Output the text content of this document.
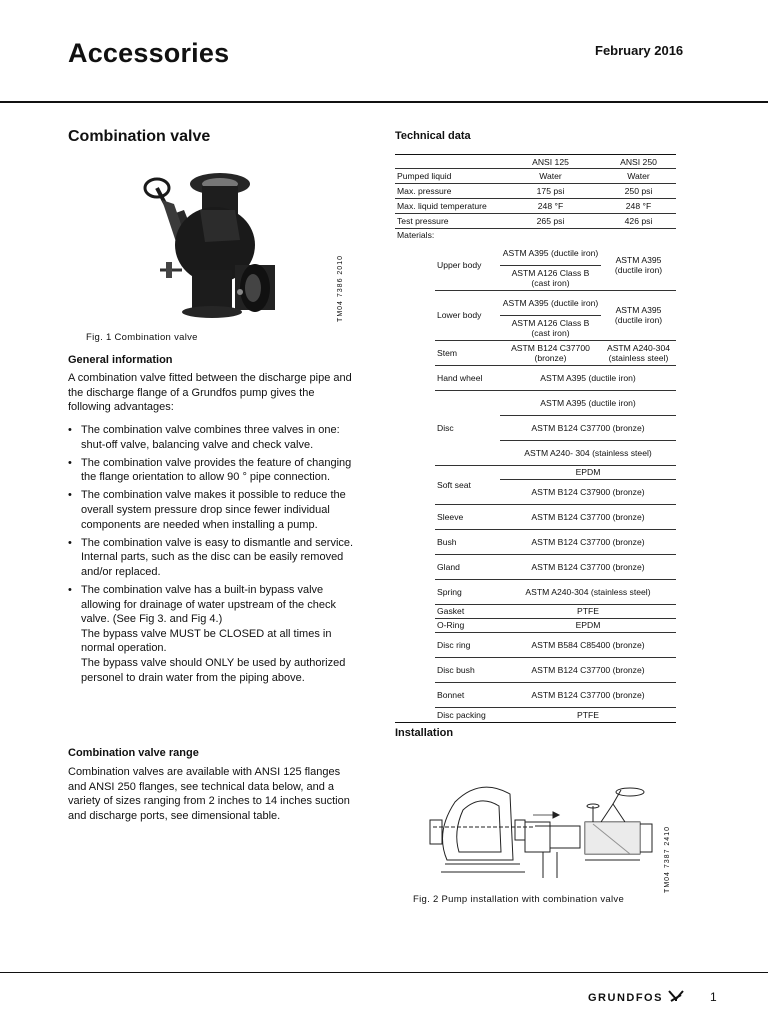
Accessories	February 2016
Combination valve
TM04 7386 2010
Fig. 1 Combination valve
General information
A combination valve fitted between the discharge pipe and the discharge flange of a Grundfos pump gives the following advantages:
• The combination valve combines three valves in one: shut-off valve, balancing valve and check valve.
• The combination valve provides the feature of changing the flange orientation to allow 90 ° pipe connection.
• The combination valve makes it possible to reduce the overall system pressure drop since fewer individual components are needed when installing a pump.
• The combination valve is easy to dismantle and service. Internal parts, such as the disc can be easily removed and/or replaced.
• The combination valve has a built-in bypass valve allowing for drainage of water upstream of the check valve. (See Fig 3. and Fig 4.)
The bypass valve MUST be CLOSED at all times in normal operation.
The bypass valve should ONLY be used by authorized personel to drain water from the piping above.
Combination valve range
Combination valves are available with ANSI 125 flanges and ANSI 250 flanges, see technical data below, and a variety of sizes ranging from 2 inches to 14 inches suction and discharge ports, see dimensional table.
Technical data
		ANSI 125	ANSI 250
Pumped liquid		Water	Water
Max. pressure		175 psi	250 psi
Max. liquid temperature		248 °F	248 °F
Test pressure		265 psi	426 psi
Materials:			
	Upper body	ASTM A395 (ductile iron)	ASTM A395 (ductile iron)
		ASTM A126 Class B (cast iron)	
	Lower body	ASTM A395 (ductile iron)	ASTM A395 (ductile iron)
		ASTM A126 Class B (cast iron)	
	Stem	ASTM B124 C37700 (bronze)	ASTM A240-304 (stainless steel)
	Hand wheel	ASTM A395 (ductile iron)	
	Disc	ASTM A395 (ductile iron)	
		ASTM B124 C37700 (bronze)	
		ASTM A240- 304 (stainless steel)	
	Soft seat	EPDM	
		ASTM B124 C37900 (bronze)	
	Sleeve	ASTM B124 C37700 (bronze)	
	Bush	ASTM B124 C37700 (bronze)	
	Gland	ASTM B124 C37700 (bronze)	
	Spring	ASTM A240-304 (stainless steel)	
	Gasket	PTFE	
	O-Ring	EPDM	
	Disc ring	ASTM B584 C85400 (bronze)	
	Disc bush	ASTM B124 C37700 (bronze)	
	Bonnet	ASTM B124 C37700 (bronze)	
	Disc packing	PTFE	
Installation
TM04 7387 2410
Fig. 2 Pump installation with combination valve
GRUNDFOS	1
